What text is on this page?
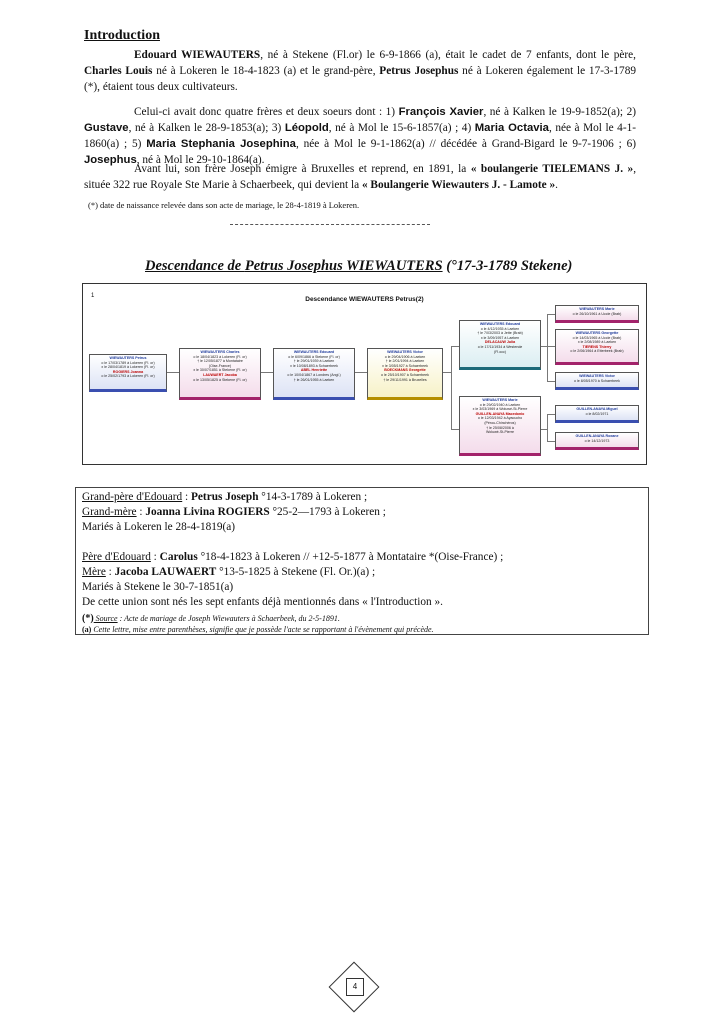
Introduction
Edouard WIEWAUTERS, né à Stekene (Fl.or) le 6-9-1866 (a), était le cadet de 7 enfants, dont le père, Charles Louis né à Lokeren le 18-4-1823 (a) et le grand-père, Petrus Josephus né à Lokeren également le 17-3-1789 (*), étaient tous deux cultivateurs.
Celui-ci avait donc quatre frères et deux soeurs dont : 1) François Xavier, né à Kalken le 19-9-1852(a); 2) Gustave, né à Kalken le 28-9-1853(a); 3) Léopold, né à Mol le 15-6-1857(a) ; 4) Maria Octavia, née à Mol le 4-1-1860(a) ; 5) Maria Stephania Josephina, née à Mol le 9-1-1862(a) // décédée à Grand-Bigard le 9-7-1906 ; 6) Josephus, né à Mol le 29-10-1864(a).
Avant lui, son frère Joseph émigre à Bruxelles et reprend, en 1891, la « boulangerie TIELEMANS J. », située 322 rue Royale Ste Marie à Schaerbeek, qui devient la « Boulangerie Wiewauters J. - Lamote ».
(*) date de naissance relevée dans son acte de mariage, le 28-4-1819 à Lokeren.
Descendance de Petrus Josephus WIEWAUTERS (°17-3-1789 Stekene)
1	Descendance WIEWAUTERS Petrus(2)
WIEWAUTERS Petrus
o le 17/03/1789 à Lokeren (Fl. or)
x le 28/04/1819 à Lokeren (Fl. or)
ROGIERS Joanna
o le 25/02/1793 à Lokeren (Fl. or)
WIEWAUTERS Charles
o le 18/04/1823 à Lokeren (Fl. or)
† le 12/05/1877 à Montataire
(Oise-France)
x le 30/07/1851 à Stekene (Fl. or)
LAUWAERT Jacoba
o le 13/05/1825 à Stekene (Fl. or)
WIEWAUTERS Edouard
o le 6/09/1866 à Stekene (Fl. or)
† le 29/01/1939 à Laeken
x le 10/08/1893 à Schaerbeek
ABEL Henriette
o le 10/04/1867 à Londres (Angl.)
† le 26/01/1955 à Laeken
WIEWAUTERS Victor
o le 29/04/1906 à Laeken
† le 2/01/1994 à Laeken
x le 3/05/1927 à Schaerbeek
BOECKMANS Georgette
o le 25/10/1907 à Schaerbeek
† le 29/11/1991 à Bruxelles
WIEWAUTERS Edouard
o le 4/12/1935 à Laeken
† le 7/03/2003 à Jette (Brab)
x le 3/09/1957 à Laeken
DELACAUW Julia
o le 17/11/1934 à Westende
(Fl.occ)
WIEWAUTERS Marie
o le 29/02/1940 à Laeken
x le 3/03/1969 à Woluwé-St-Pierre
GUILLEN-ANAYA Macedonio
o le 12/03/1942 à Ayacucho
(Pérou-Chinchéros)
† le 25/08/2006 à
Woluwé-St-Pierre
WIEWAUTERS Marie
o le 26/10/1961 à Uccle (Brab)
WIEWAUTERS Georgette
o le 14/03/1965 à Uccle (Brab)
x le 2/08/1989 à Laeken
TIERENS Thierry
o le 2/06/1964 à Etterbeek (Brab)
WIEWAUTERS Victor
o le 8/05/1970 à Schaerbeek
GUILLEN-ANAYA Miguel
o le 8/02/1971
GUILLEN-ANAYA Roxane
o le 14/12/1973
Grand-père d'Edouard : Petrus Joseph °14-3-1789 à Lokeren ;
Grand-mère : Joanna Livina ROGIERS °25-2—1793 à Lokeren ;
Mariés à Lokeren le 28-4-1819(a)
Père d'Edouard : Carolus °18-4-1823 à Lokeren // +12-5-1877 à Montataire *(Oise-France) ;
Mère : Jacoba LAUWAERT °13-5-1825 à Stekene (Fl. Or.)(a) ;
Mariés à Stekene le 30-7-1851(a)
De cette union sont nés les sept enfants déjà mentionnés dans « l'Introduction ».
(*) Source : Acte de mariage de Joseph Wiewauters à Schaerbeek, du 2-5-1891.
(a) Cette lettre, mise entre parenthèses, signifie que je possède l'acte se rapportant à l'évènement qui précède.
4
